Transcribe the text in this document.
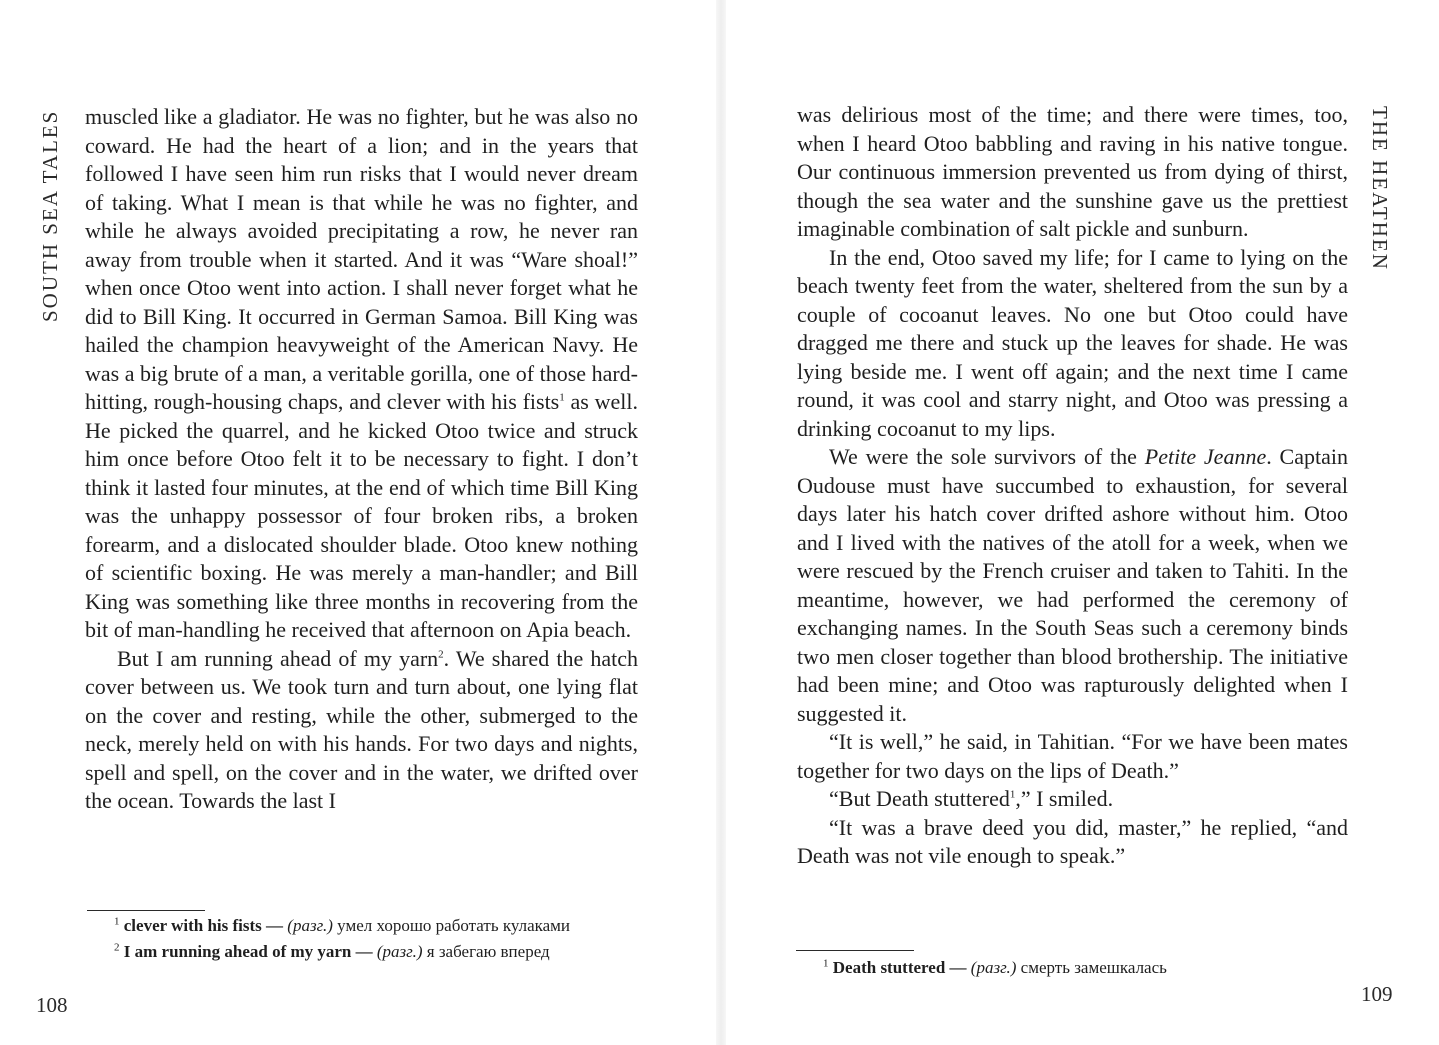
SOUTH SEA TALES muscled like a gladiator. He was no fighter, but he was also no coward. He had the heart of a lion; and in the years that followed I have seen him run risks that I would never dream of taking. What I mean is that while he was no fighter, and while he always avoided precipitating a row, he never ran away from trouble when it started. And it was “Ware shoal!” when once Otoo went into action. I shall never forget what he did to Bill King. It occurred in German Samoa. Bill King was hailed the champion heavyweight of the American Navy. He was a big brute of a man, a veritable gorilla, one of those hard-hitting, rough-housing chaps, and clever with his fists$^1$ as well. He picked the quarrel, and he kicked Otoo twice and struck him once before Otoo felt it to be necessary to fight. I don’t think it lasted four minutes, at the end of which time Bill King was the unhappy possessor of four broken ribs, a broken forearm, and a dislocated shoulder blade. Otoo knew nothing of scientific boxing. He was merely a man-handler; and Bill King was something like three months in recovering from the bit of man-handling he received that afternoon on Apia beach.

But I am running ahead of my yarn$^2$. We shared the hatch cover between us. We took turn and turn about, one lying flat on the cover and resting, while the other, submerged to the neck, merely held on with his hands. For two days and nights, spell and spell, on the cover and in the water, we drifted over the ocean. Towards the last I

$^1$ clever with his fists — (разг.) умел хорошо работать кулаками

$^2$ I am running ahead of my yarn — (разг.) я забегаю вперед

108
THE HEATHEN

was delirious most of the time; and there were times, too, when I heard Otoo babbling and raving in his native tongue. Our continuous immersion prevented us from dying of thirst, though the sea water and the sunshine gave us the prettiest imaginable combination of salt pickle and sunburn.

In the end, Otoo saved my life; for I came to lying on the beach twenty feet from the water, sheltered from the sun by a couple of cocoanut leaves. No one but Otoo could have dragged me there and stuck up the leaves for shade. He was lying beside me. I went off again; and the next time I came round, it was cool and starry night, and Otoo was pressing a drinking cocoanut to my lips.

We were the sole survivors of the Petite Jeanne. Captain Oudouse must have succumbed to exhaustion, for several days later his hatch cover drifted ashore without him. Otoo and I lived with the natives of the atoll for a week, when we were rescued by the French cruiser and taken to Tahiti. In the meantime, however, we had performed the ceremony of exchanging names. In the South Seas such a ceremony binds two men closer together than blood brothership. The initiative had been mine; and Otoo was rapturously delighted when I suggested it.

“It is well,” he said, in Tahitian. “For we have been mates together for two days on the lips of Death.”

“But Death stuttered$^1$,” I smiled.

“It was a brave deed you did, master,” he replied, “and Death was not vile enough to speak.”

$^1$ Death stuttered — (разг.) смерть замешкалась

109
